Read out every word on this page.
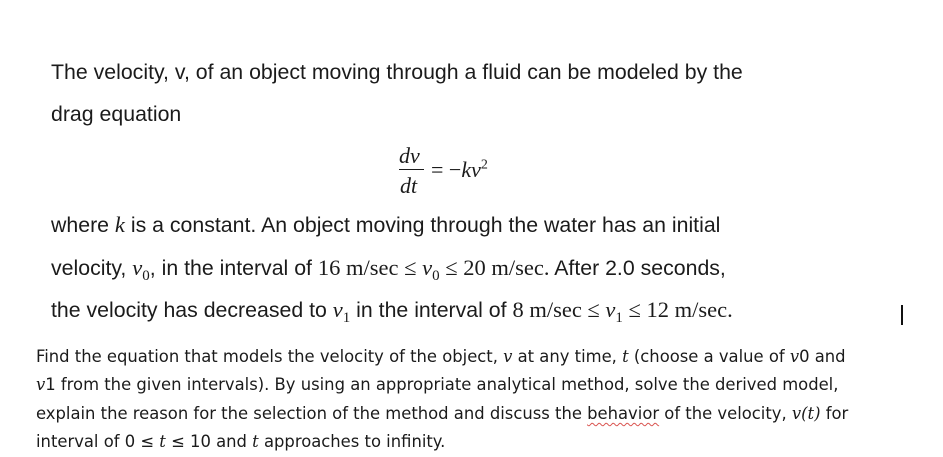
The velocity, v, of an object moving through a fluid can be modeled by the
drag equation
dv
dt
= $-kv^2$
where k is a constant. An object moving through the water has an initial
velocity, $v_0$, in the interval of 16 $m/\sec \le v_0 \le 20$ m/sec. After 2.0 seconds,
the velocity has decreased to $v_1$ in the interval of 8 $m/\sec \le v_1 \le 12$ m/sec.
Find the equation that models the velocity of the object, v at any time, t (choose a value of v0 and
v1 from the given intervals). By using an appropriate analytical method, solve the derived model,
explain the reason for the selection of the method and discuss the behavior of the velocity, v(t) for
interval of 0 ≤ t ≤ 10 and t approaches to infinity.
